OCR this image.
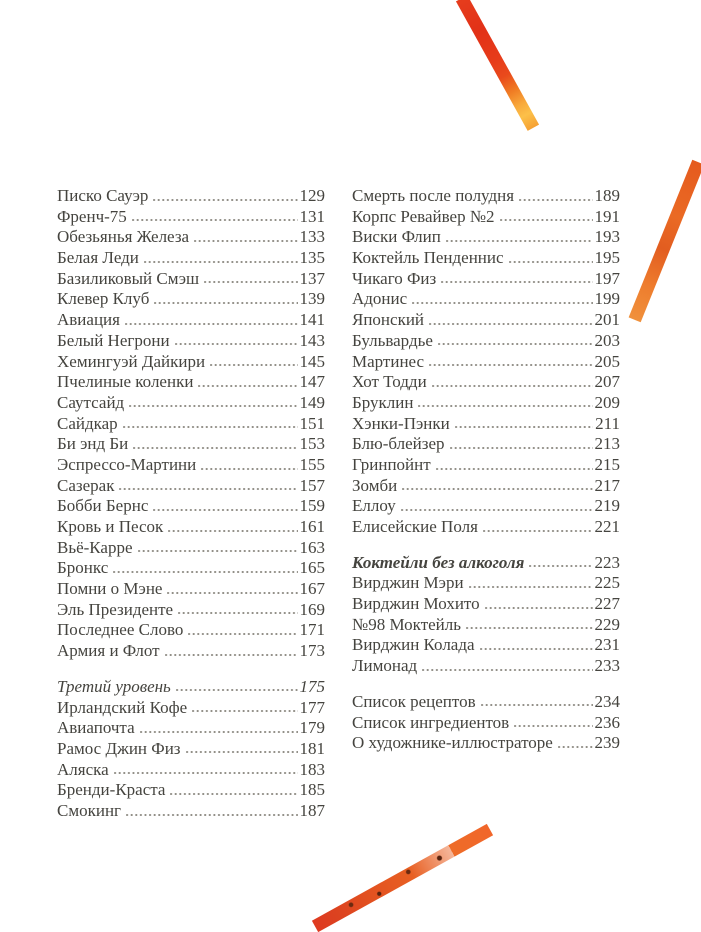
Писко Сауэр	129
Френч-75	131
Обезьянья Железа	133
Белая Леди	135
Базиликовый Смэш	137
Клевер Клуб	139
Авиация	141
Белый Негрони	143
Хемингуэй Дайкири	145
Пчелиные коленки	147
Саутсайд	149
Сайдкар	151
Би энд Би	153
Эспрессо-Мартини	155
Сазерак	157
Бобби Бернс	159
Кровь и Песок	161
Вьё-Карре	163
Бронкс	165
Помни о Мэне	167
Эль Президенте	169
Последнее Слово	171
Армия и Флот	173
Третий уровень	175
Ирландский Кофе	177
Авиапочта	179
Рамос Джин Физ	181
Аляска	183
Бренди-Краста	185
Смокинг	187
Смерть после полудня	189
Корпс Ревайвер №2	191
Виски Флип	193
Коктейль Пенденнис	195
Чикаго Физ	197
Адонис	199
Японский	201
Бульвардье	203
Мартинес	205
Хот Тодди	207
Бруклин	209
Хэнки-Пэнки	211
Блю-блейзер	213
Гринпойнт	215
Зомби	217
Еллоу	219
Елисейские Поля	221
Коктейли без алкоголя	223
Вирджин Мэри	225
Вирджин Мохито	227
№98 Моктейль	229
Вирджин Колада	231
Лимонад	233
Список рецептов	234
Список ингредиентов	236
О художнике-иллюстраторе 239
